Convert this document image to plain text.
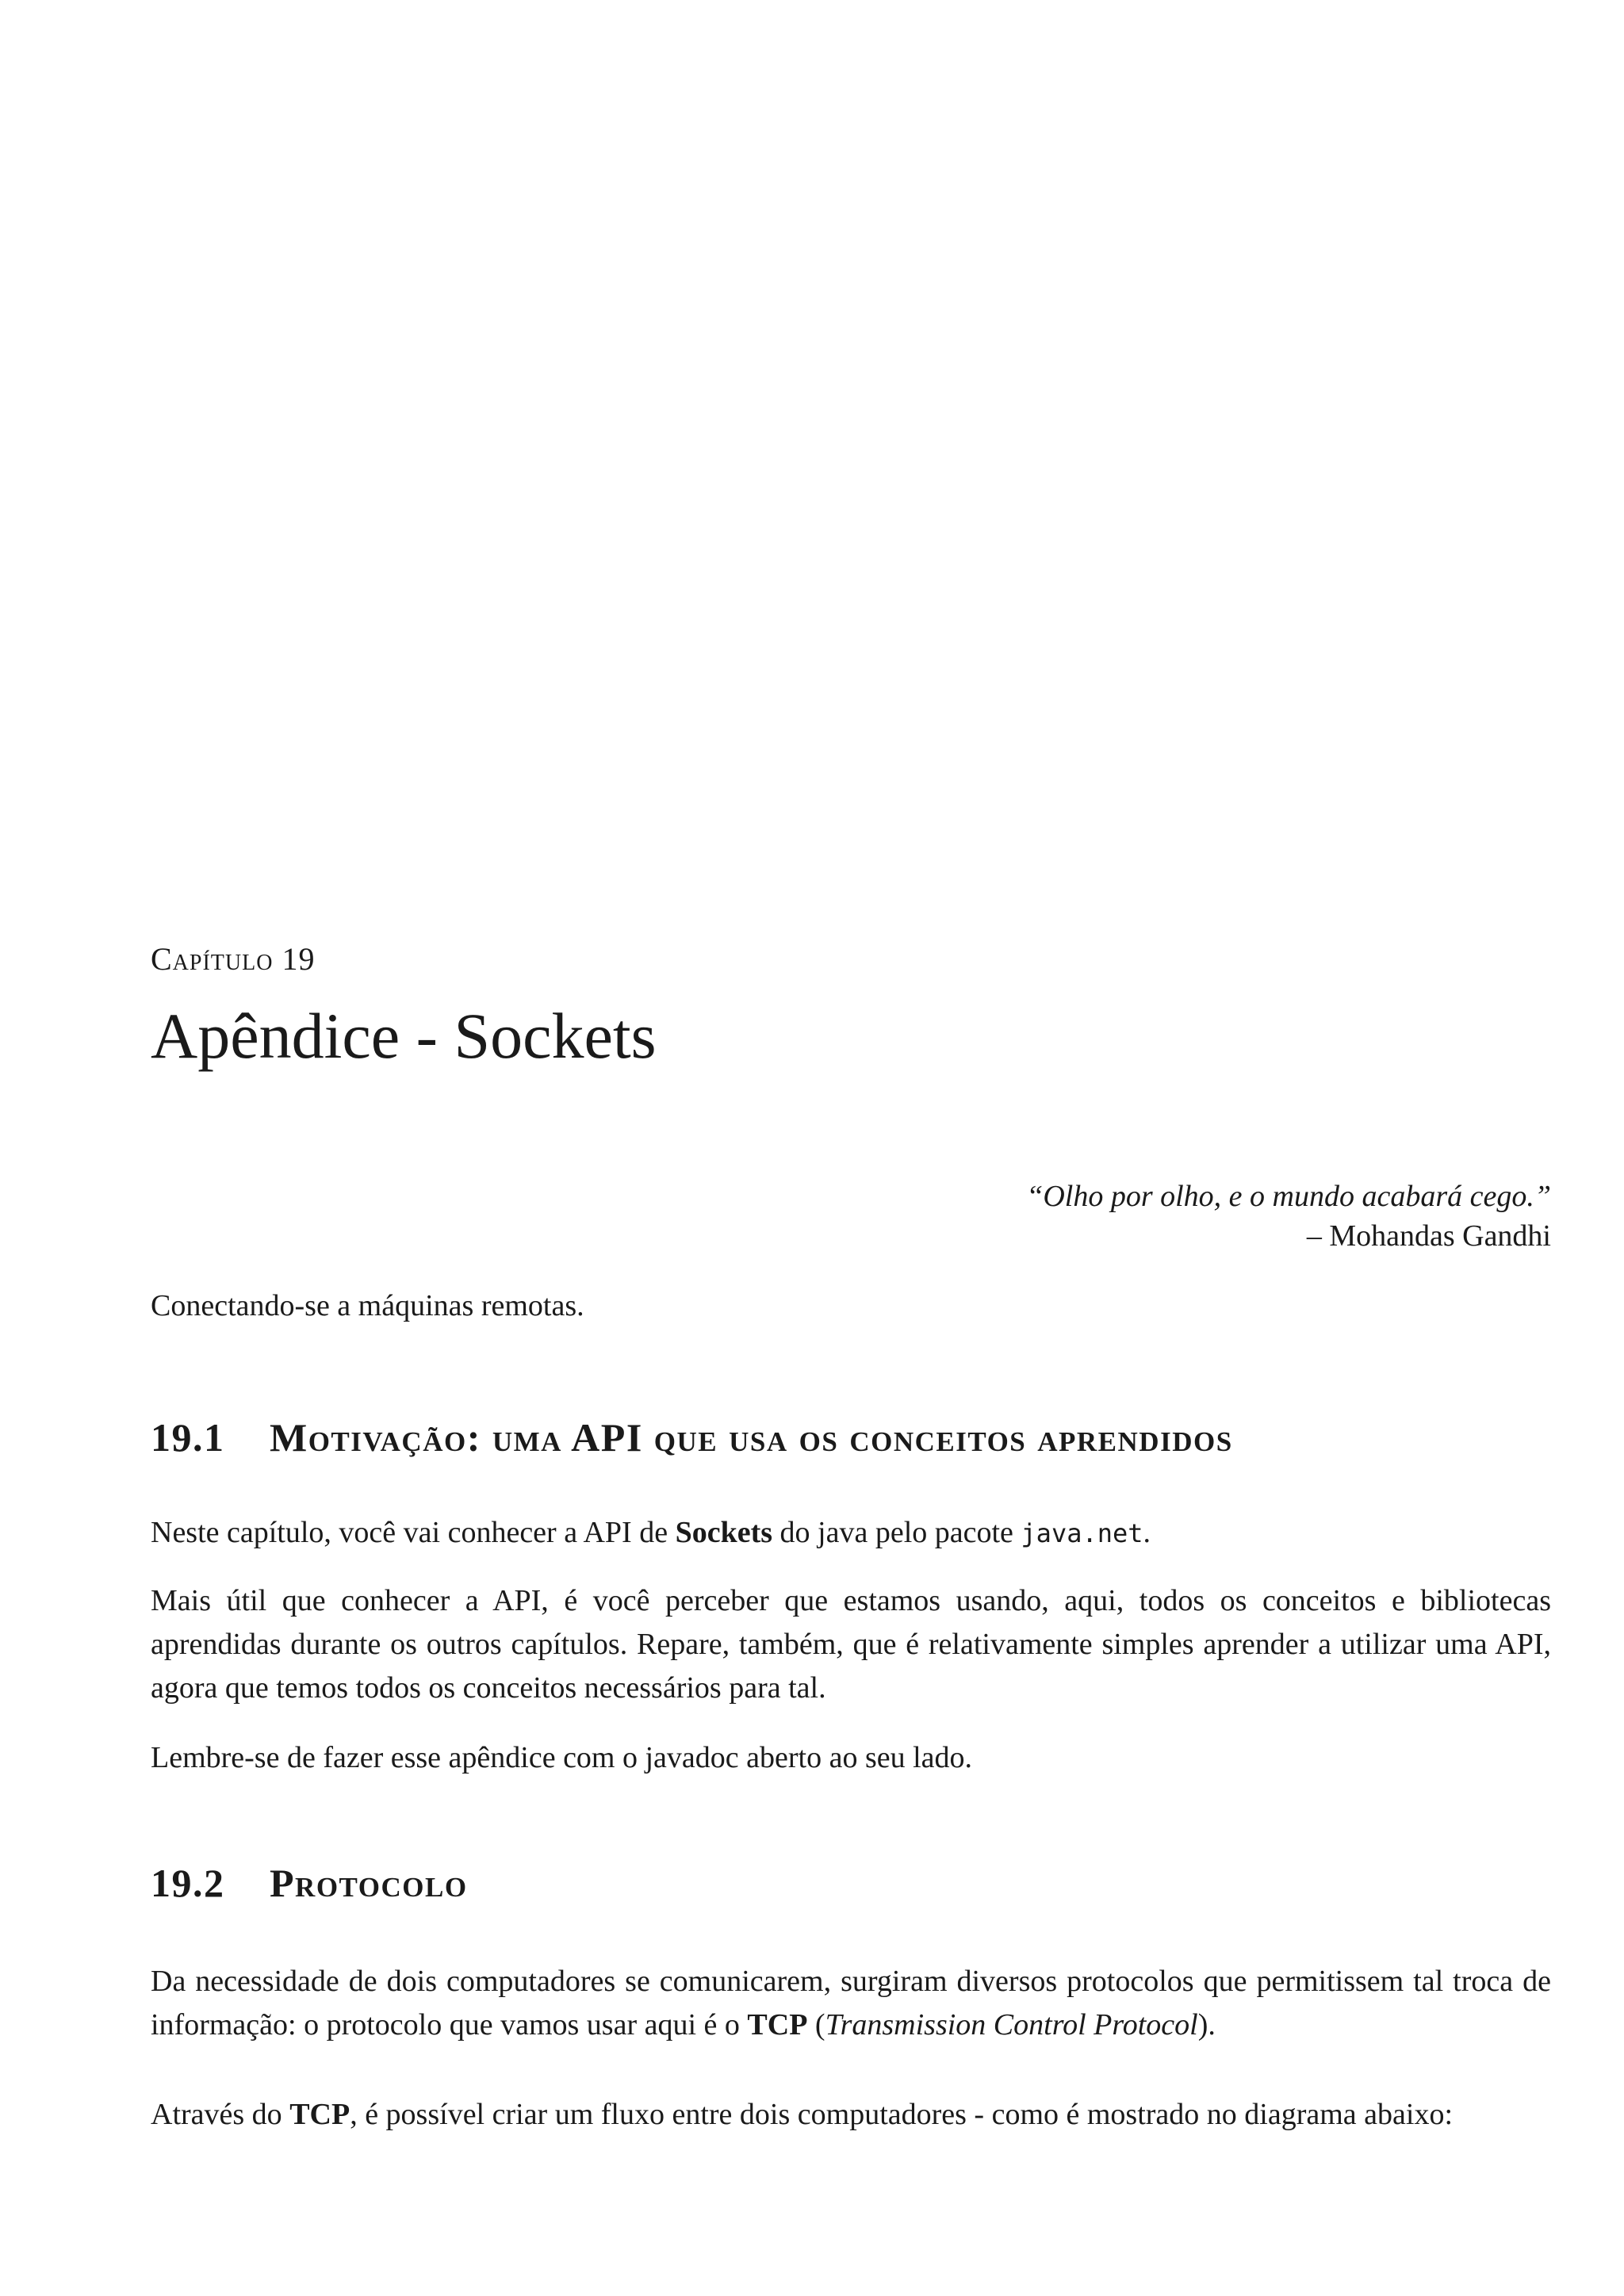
Capítulo 19
Apêndice - Sockets
“Olho por olho, e o mundo acabará cego.”
– Mohandas Gandhi

Conectando-se a máquinas remotas.

19.1 Motivação: uma API que usa os conceitos aprendidos

Neste capítulo, você vai conhecer a API de Sockets do java pelo pacote java.net.

Mais útil que conhecer a API, é você perceber que estamos usando, aqui, todos os conceitos e bibliotecas aprendidas durante os outros capítulos. Repare, também, que é relativamente simples aprender a utilizar uma API, agora que temos todos os conceitos necessários para tal.

Lembre-se de fazer esse apêndice com o javadoc aberto ao seu lado.

19.2 Protocolo

Da necessidade de dois computadores se comunicarem, surgiram diversos protocolos que permitissem tal troca de informação: o protocolo que vamos usar aqui é o TCP (Transmission Control Protocol).

Através do TCP, é possível criar um fluxo entre dois computadores - como é mostrado no diagrama abaixo:
